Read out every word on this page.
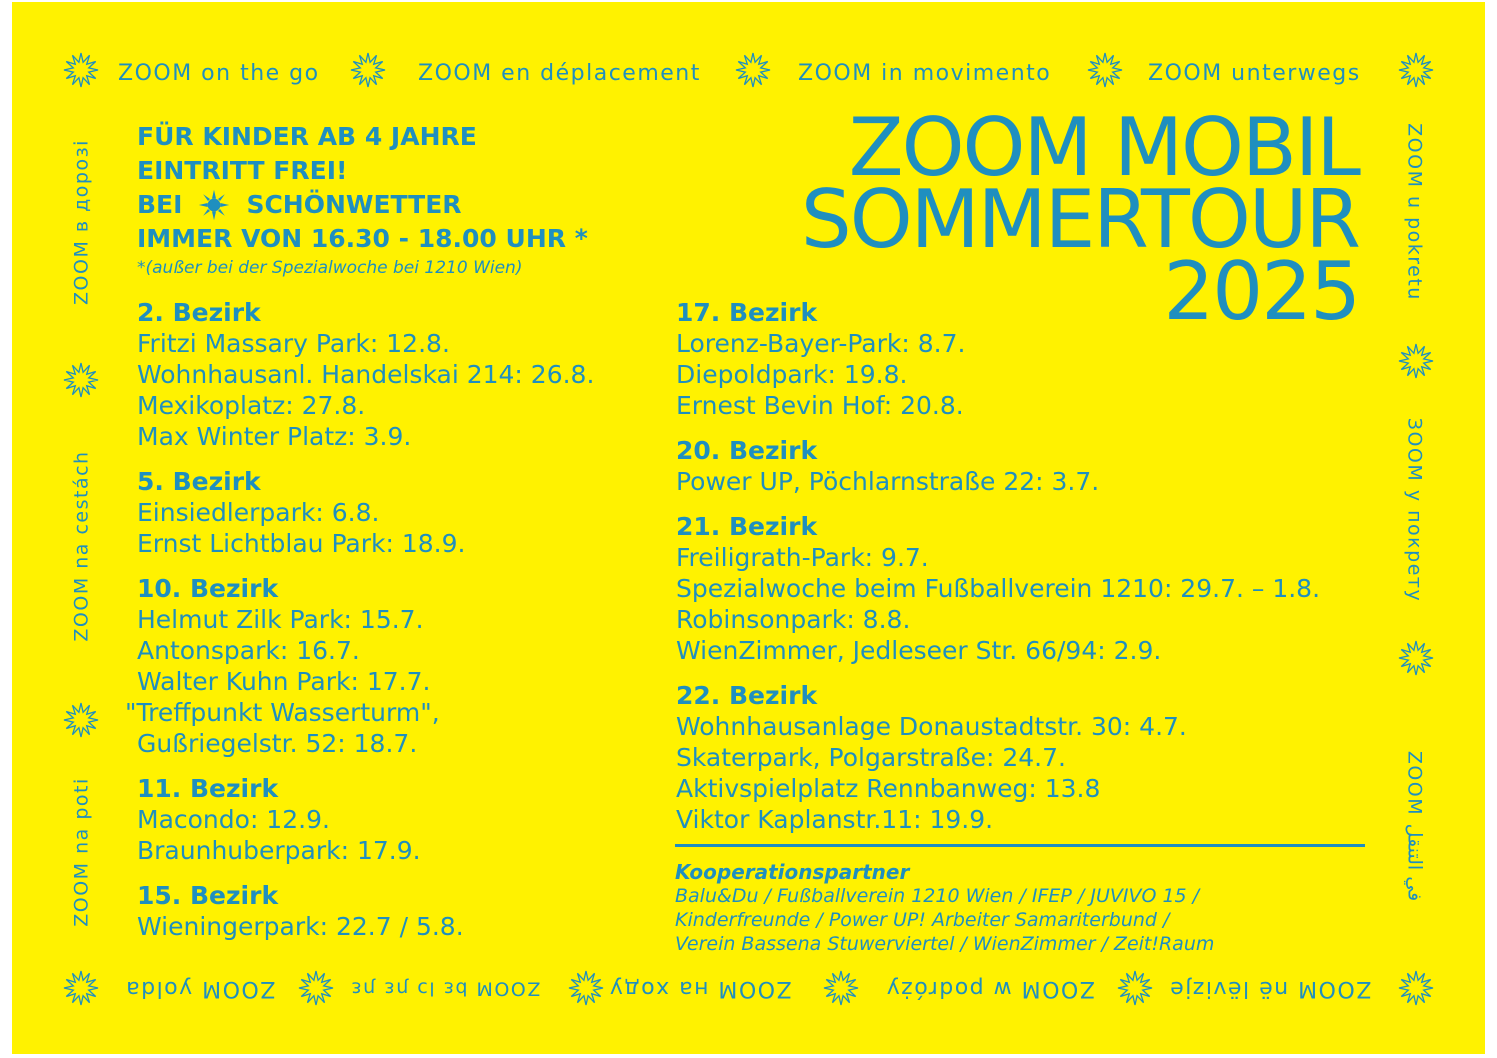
ZOOM on the go	ZOOM en déplacement	ZOOM in movimento	ZOOM unterwegs
ZOOM yolda	ZOOM bɛ lɔ ɲɛ ɲɛ	ZOOM на ходу	ZOOM w podróży	ZOOM në lëvizje
ZOOM в дорозі
ZOOM na cestách
ZOOM na poti
ZOOM u pokretu
ЗООМ у покрету
ZOOM في التنقل
FÜR KINDER AB 4 JAHRE
EINTRITT FREI!
BEI	SCHÖNWETTER
IMMER VON 16.30 - 18.00 UHR *
*(außer bei der Spezialwoche bei 1210 Wien)
ZOOM MOBIL
SOMMERTOUR
2025
2. Bezirk
Fritzi Massary Park: 12.8.
Wohnhausanl. Handelskai 214: 26.8.
Mexikoplatz: 27.8.
Max Winter Platz: 3.9.
5. Bezirk
Einsiedlerpark: 6.8.
Ernst Lichtblau Park: 18.9.
10. Bezirk
Helmut Zilk Park: 15.7.
Antonspark: 16.7.
Walter Kuhn Park: 17.7.
"Treffpunkt Wasserturm",
Gußriegelstr. 52: 18.7.
11. Bezirk
Macondo: 12.9.
Braunhuberpark: 17.9.
15. Bezirk
Wieningerpark: 22.7 / 5.8.
17. Bezirk
Lorenz-Bayer-Park: 8.7.
Diepoldpark: 19.8.
Ernest Bevin Hof: 20.8.
20. Bezirk
Power UP, Pöchlarnstraße 22: 3.7.
21. Bezirk
Freiligrath-Park: 9.7.
Spezialwoche beim Fußballverein 1210: 29.7. – 1.8.
Robinsonpark: 8.8.
WienZimmer, Jedleseer Str. 66/94: 2.9.
22. Bezirk
Wohnhausanlage Donaustadtstr. 30: 4.7.
Skaterpark, Polgarstraße: 24.7.
Aktivspielplatz Rennbanweg: 13.8
Viktor Kaplanstr.11: 19.9.
Kooperationspartner
Balu&Du / Fußballverein 1210 Wien / IFEP / JUVIVO 15 /
Kinderfreunde / Power UP! Arbeiter Samariterbund /
Verein Bassena Stuwerviertel / WienZimmer / Zeit!Raum
